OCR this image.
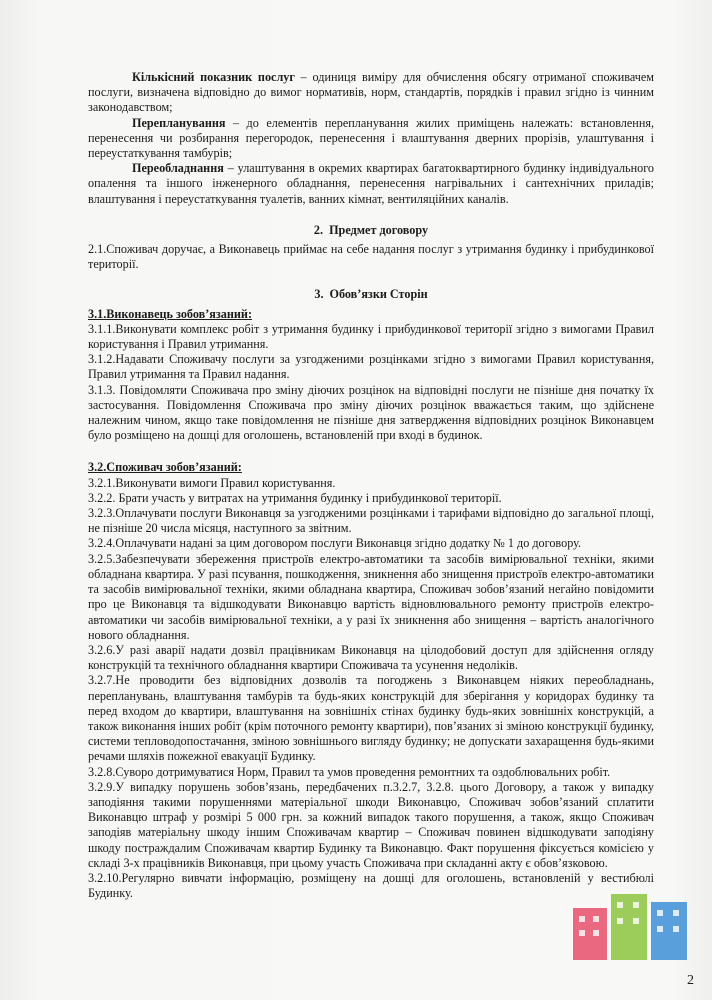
Кількісний показник послуг – одиниця виміру для обчислення обсягу отриманої споживачем послуги, визначена відповідно до вимог нормативів, норм, стандартів, порядків і правил згідно із чинним законодавством;

Перепланування – до елементів перепланування жилих приміщень належать: встановлення, перенесення чи розбирання перегородок, перенесення і влаштування дверних прорізів, улаштування і переустаткування тамбурів;

Переобладнання – улаштування в окремих квартирах багатоквартирного будинку індивідуального опалення та іншого інженерного обладнання, перенесення нагрівальних і сантехнічних приладів; влаштування і переустаткування туалетів, ванних кімнат, вентиляційних каналів.

2. Предмет договору

2.1.Споживач доручає, а Виконавець приймає на себе надання послуг з утримання будинку і прибудинкової території.

3. Обов’язки Сторін
3.1.Виконавець зобов’язаний:

3.1.1.Виконувати комплекс робіт з утримання будинку і прибудинкової території згідно з вимогами Правил користування і Правил утримання.

3.1.2.Надавати Споживачу послуги за узгодженими розцінками згідно з вимогами Правил користування, Правил утримання та Правил надання.

3.1.3. Повідомляти Споживача про зміну діючих розцінок на відповідні послуги не пізніше дня початку їх застосування. Повідомлення Споживача про зміну діючих розцінок вважається таким, що здійснене належним чином, якщо таке повідомлення не пізніше дня затвердження відповідних розцінок Виконавцем було розміщено на дошці для оголошень, встановленій при вході в будинок.

3.2.Споживач зобов’язаний:

3.2.1.Виконувати вимоги Правил користування.

3.2.2. Брати участь у витратах на утримання будинку і прибудинкової території.

3.2.3.Оплачувати послуги Виконавця за узгодженими розцінками і тарифами відповідно до загальної площі, не пізніше 20 числа місяця, наступного за звітним.

3.2.4.Оплачувати надані за цим договором послуги Виконавця згідно додатку № 1 до договору.

3.2.5.Забезпечувати збереження пристроїв електро-автоматики та засобів вимірювальної техніки, якими обладнана квартира. У разі псування, пошкодження, зникнення або знищення пристроїв електро-автоматики та засобів вимірювальної техніки, якими обладнана квартира, Споживач зобов’язаний негайно повідомити про це Виконавця та відшкодувати Виконавцю вартість відновлювального ремонту пристроїв електро-автоматики чи засобів вимірювальної техніки, а у разі їх зникнення або знищення – вартість аналогічного нового обладнання.

3.2.6.У разі аварії надати дозвіл працівникам Виконавця на цілодобовий доступ для здійснення огляду конструкцій та технічного обладнання квартири Споживача та усунення недоліків.

3.2.7.Не проводити без відповідних дозволів та погоджень з Виконавцем ніяких переобладнань, перепланувань, влаштування тамбурів та будь-яких конструкцій для зберігання у коридорах будинку та перед входом до квартири, влаштування на зовнішніх стінах будинку будь-яких зовнішніх конструкцій, а також виконання інших робіт (крім поточного ремонту квартири), пов’язаних зі зміною конструкції будинку, системи тепловодопостачання, зміною зовнішнього вигляду будинку; не допускати захаращення будь-якими речами шляхів пожежної евакуації Будинку.

3.2.8.Суворо дотримуватися Норм, Правил та умов проведення ремонтних та оздоблювальних робіт.

3.2.9.У випадку порушень зобов’язань, передбачених п.3.2.7, 3.2.8. цього Договору, а також у випадку заподіяння такими порушеннями матеріальної шкоди Виконавцю, Споживач зобов’язаний сплатити Виконавцю штраф у розмірі 5 000 грн. за кожний випадок такого порушення, а також, якщо Споживач заподіяв матеріальну шкоду іншим Споживачам квартир – Споживач повинен відшкодувати заподіяну шкоду постраждалим Споживачам квартир Будинку та Виконавцю. Факт порушення фіксується комісією у складі 3-х працівників Виконавця, при цьому участь Споживача при складанні акту є обов’язковою.

3.2.10.Регулярно вивчати інформацію, розміщену на дошці для оголошень, встановленій у вестибюлі Будинку.

2
